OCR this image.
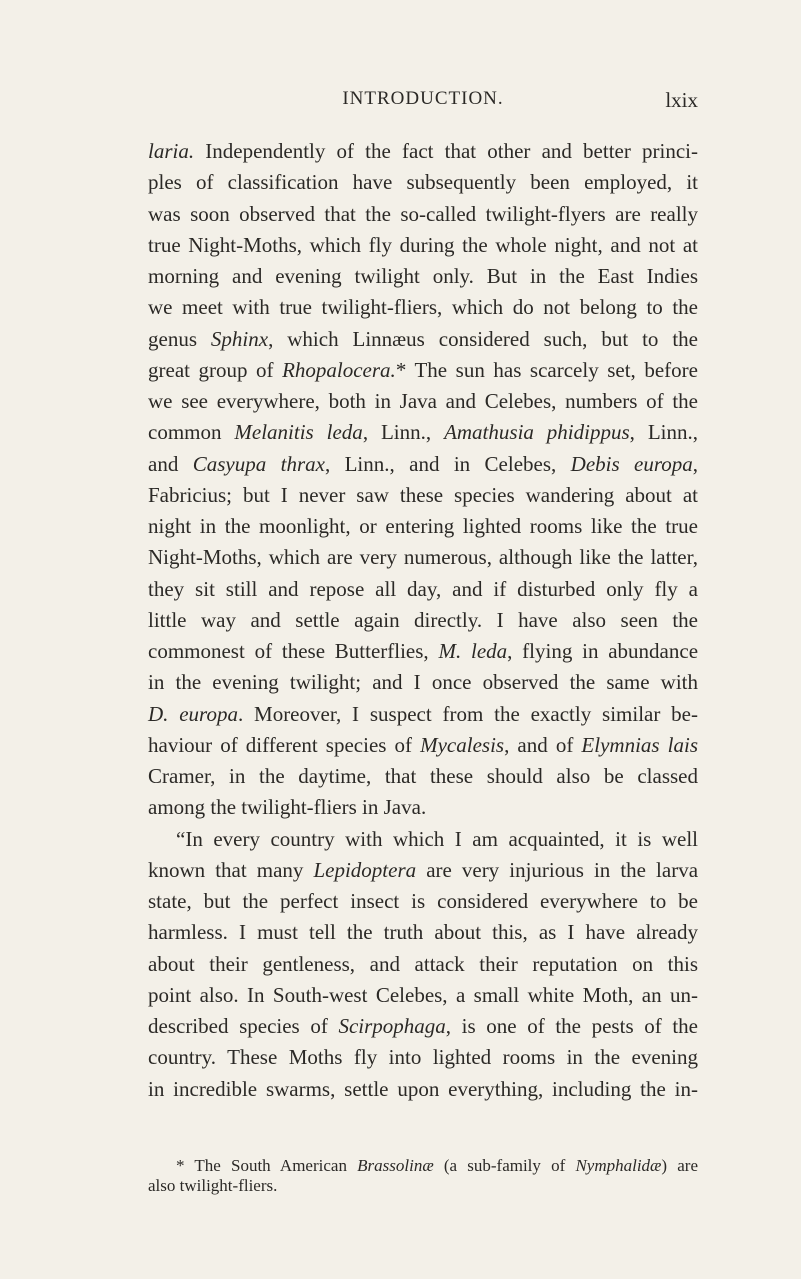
INTRODUCTION.	lxix
laria. Independently of the fact that other and better princi-
ples of classification have subsequently been employed, it
was soon observed that the so-called twilight-flyers are really
true Night-Moths, which fly during the whole night, and not at
morning and evening twilight only. But in the East Indies
we meet with true twilight-fliers, which do not belong to the
genus Sphinx, which Linnæus considered such, but to the
great group of Rhopalocera.* The sun has scarcely set, before
we see everywhere, both in Java and Celebes, numbers of the
common Melanitis leda, Linn., Amathusia phidippus, Linn.,
and Casyupa thrax, Linn., and in Celebes, Debis europa,
Fabricius; but I never saw these species wandering about at
night in the moonlight, or entering lighted rooms like the true
Night-Moths, which are very numerous, although like the latter,
they sit still and repose all day, and if disturbed only fly a
little way and settle again directly. I have also seen the
commonest of these Butterflies, M. leda, flying in abundance
in the evening twilight; and I once observed the same with
D. europa. Moreover, I suspect from the exactly similar be-
haviour of different species of Mycalesis, and of Elymnias lais
Cramer, in the daytime, that these should also be classed
among the twilight-fliers in Java.
“In every country with which I am acquainted, it is well
known that many Lepidoptera are very injurious in the larva
state, but the perfect insect is considered everywhere to be
harmless. I must tell the truth about this, as I have already
about their gentleness, and attack their reputation on this
point also. In South-west Celebes, a small white Moth, an un-
described species of Scirpophaga, is one of the pests of the
country. These Moths fly into lighted rooms in the evening
in incredible swarms, settle upon everything, including the in-
* The South American Brassolinæ (a sub-family of Nymphalidæ) are
also twilight-fliers.
